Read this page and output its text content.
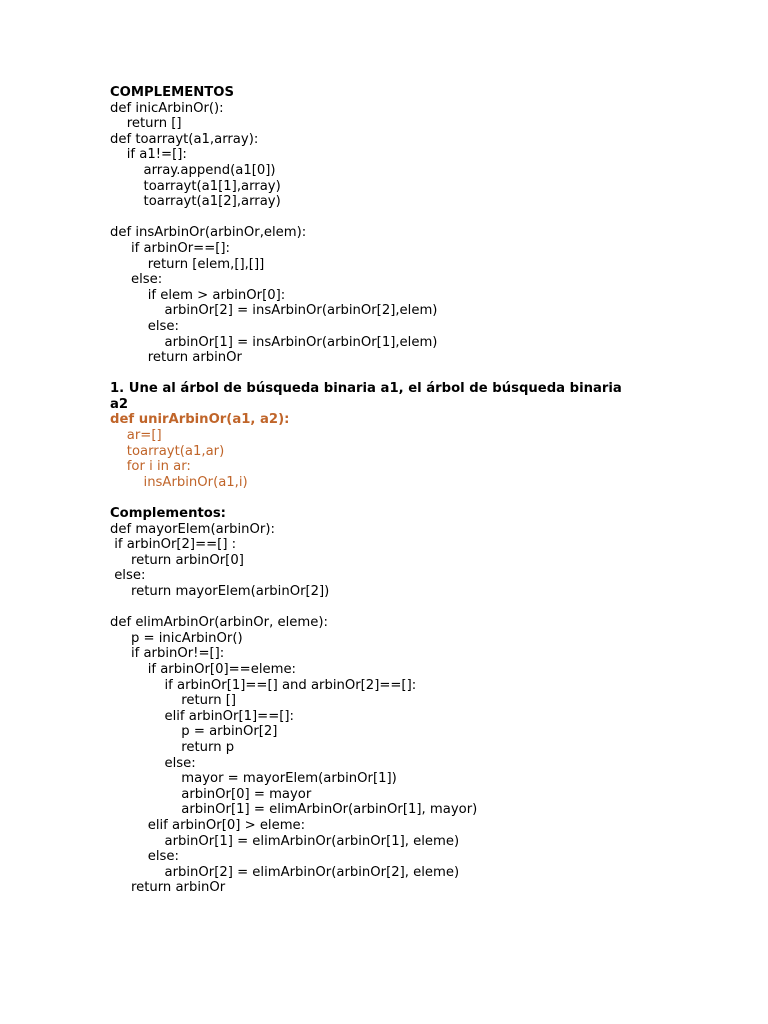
COMPLEMENTOS
def inicArbinOr():
return []
def toarrayt(a1,array):
if a1!=[]:
array.append(a1[0])
toarrayt(a1[1],array)
toarrayt(a1[2],array)
def insArbinOr(arbinOr,elem):
if arbinOr==[]:
return [elem,[],[]]
else:
if elem > arbinOr[0]:
arbinOr[2] = insArbinOr(arbinOr[2],elem)
else:
arbinOr[1] = insArbinOr(arbinOr[1],elem)
return arbinOr
1. Une al árbol de búsqueda binaria a1, el árbol de búsqueda binaria a2
def unirArbinOr(a1, a2):
ar=[]
toarrayt(a1,ar)
for i in ar:
insArbinOr(a1,i)
Complementos:
def mayorElem(arbinOr):
if arbinOr[2]==[] :
return arbinOr[0]
else:
return mayorElem(arbinOr[2])
def elimArbinOr(arbinOr, eleme):
p = inicArbinOr()
if arbinOr!=[]:
if arbinOr[0]==eleme:
if arbinOr[1]==[] and arbinOr[2]==[]:
return []
elif arbinOr[1]==[]:
p = arbinOr[2]
return p
else:
mayor = mayorElem(arbinOr[1])
arbinOr[0] = mayor
arbinOr[1] = elimArbinOr(arbinOr[1], mayor)
elif arbinOr[0] > eleme:
arbinOr[1] = elimArbinOr(arbinOr[1], eleme)
else:
arbinOr[2] = elimArbinOr(arbinOr[2], eleme)
return arbinOr
